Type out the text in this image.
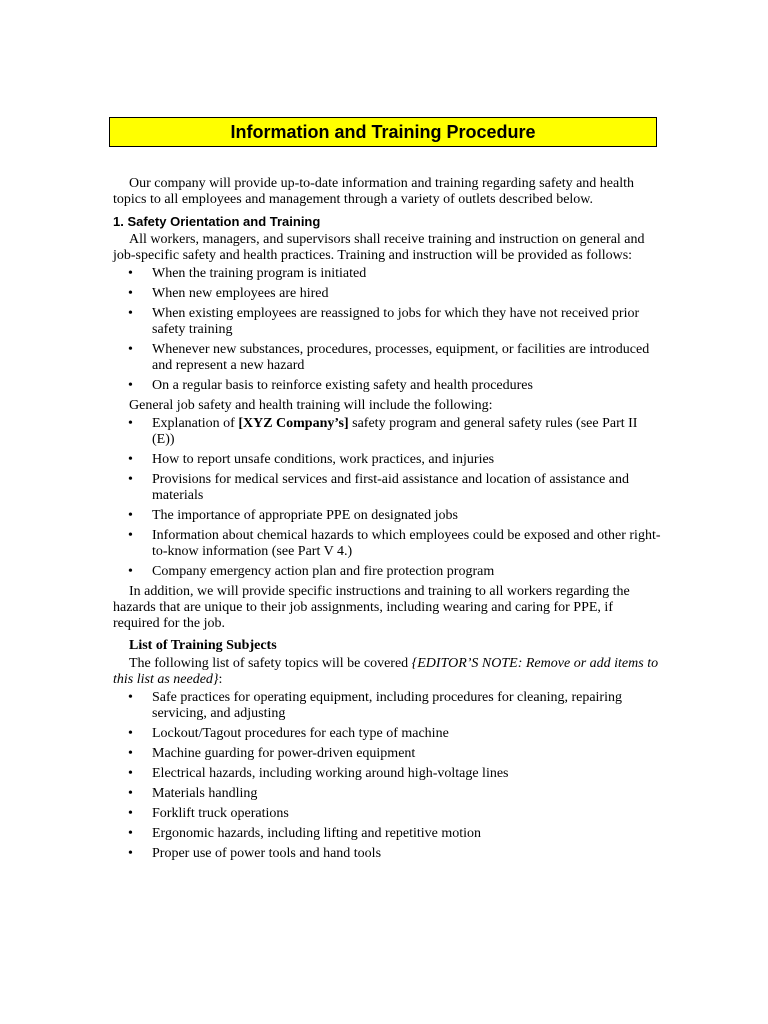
Information and Training Procedure

Our company will provide up-to-date information and training regarding safety and health topics to all employees and management through a variety of outlets described below.

1. Safety Orientation and Training

All workers, managers, and supervisors shall receive training and instruction on general and job-specific safety and health practices. Training and instruction will be provided as follows:

• When the training program is initiated
• When new employees are hired
• When existing employees are reassigned to jobs for which they have not received prior safety training
• Whenever new substances, procedures, processes, equipment, or facilities are introduced and represent a new hazard
• On a regular basis to reinforce existing safety and health procedures

General job safety and health training will include the following:

• Explanation of [XYZ Company’s] safety program and general safety rules (see Part II (E))
• How to report unsafe conditions, work practices, and injuries
• Provisions for medical services and first-aid assistance and location of assistance and materials
• The importance of appropriate PPE on designated jobs
• Information about chemical hazards to which employees could be exposed and other right-to-know information (see Part V 4.)
• Company emergency action plan and fire protection program

In addition, we will provide specific instructions and training to all workers regarding the hazards that are unique to their job assignments, including wearing and caring for PPE, if required for the job.

List of Training Subjects

The following list of safety topics will be covered {EDITOR’S NOTE: Remove or add items to this list as needed}:

• Safe practices for operating equipment, including procedures for cleaning, repairing servicing, and adjusting
• Lockout/Tagout procedures for each type of machine
• Machine guarding for power-driven equipment
• Electrical hazards, including working around high-voltage lines
• Materials handling
• Forklift truck operations
• Ergonomic hazards, including lifting and repetitive motion
• Proper use of power tools and hand tools
